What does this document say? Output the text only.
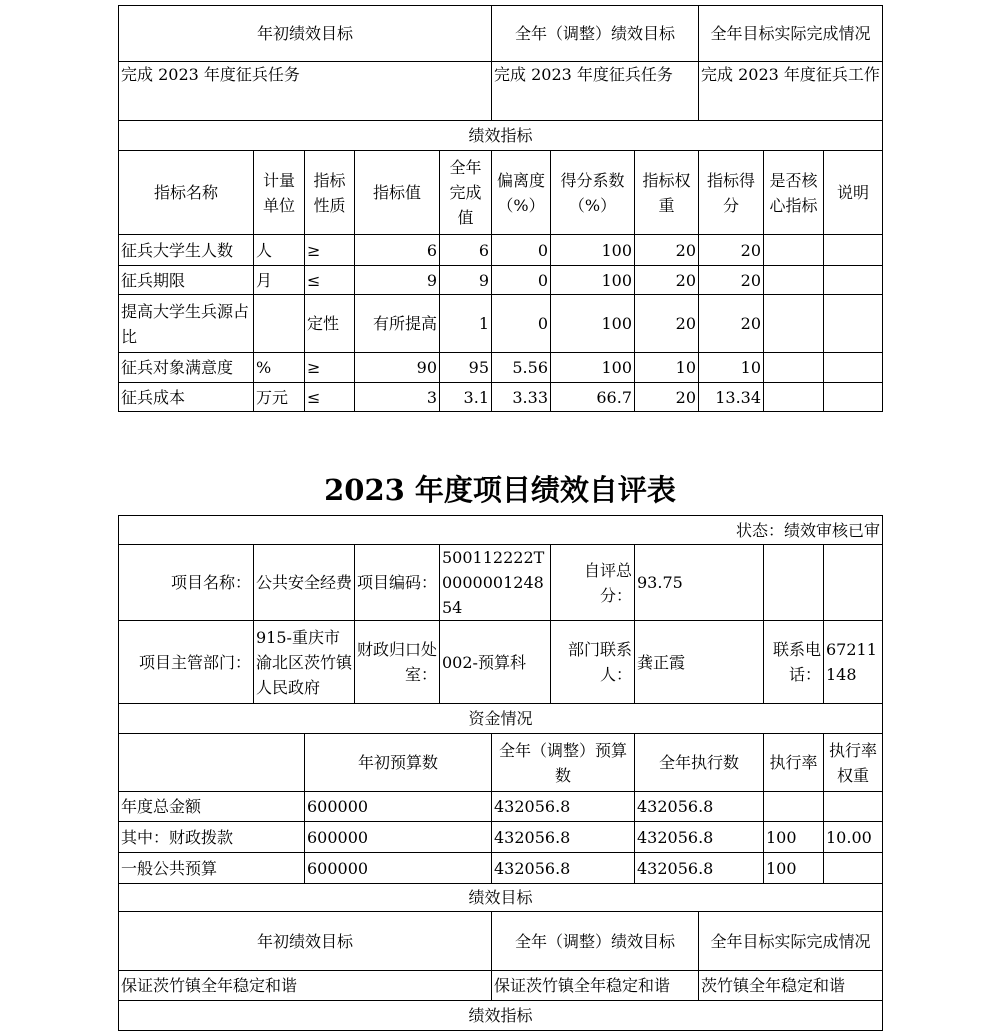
年初绩效目标					全年（调整）绩效目标			全年目标实际完成情况		
完成 2023 年度征兵任务					完成 2023 年度征兵任务			完成 2023 年度征兵工作		
绩效指标										
指标名称	计量单位	指标性质	指标值	全年完成值	偏离度（%）	得分系数（%）	指标权重	指标得分	是否核心指标	说明
征兵大学生人数	人	≥	6	6	0	100	20	20		
征兵期限	月	≤	9	9	0	100	20	20		
提高大学生兵源占比		定性	有所提高	1	0	100	20	20		
征兵对象满意度	%	≥	90	95	5.56	100	10	10		
征兵成本	万元	≤	3	3.1	3.33	66.7	20	13.34		
2023 年度项目绩效自评表
状态：绩效审核已审										
项目名称：	公共安全经费		项目编码：	500112222T000000124854		自评总分：	93.75			
项目主管部门：	915-重庆市渝北区茨竹镇人民政府		财政归口处室：	002-预算科		部门联系人：	龚正霞		联系电话：	67211148
资金情况										
		年初预算数			全年（调整）预算数		全年执行数		执行率	执行率权重
年度总金额		600000			432056.8		432056.8			
其中：财政拨款		600000			432056.8		432056.8		100	10.00
一般公共预算		600000			432056.8		432056.8		100	
绩效目标										
年初绩效目标					全年（调整）绩效目标			全年目标实际完成情况		
保证茨竹镇全年稳定和谐					保证茨竹镇全年稳定和谐			茨竹镇全年稳定和谐		
绩效指标										
